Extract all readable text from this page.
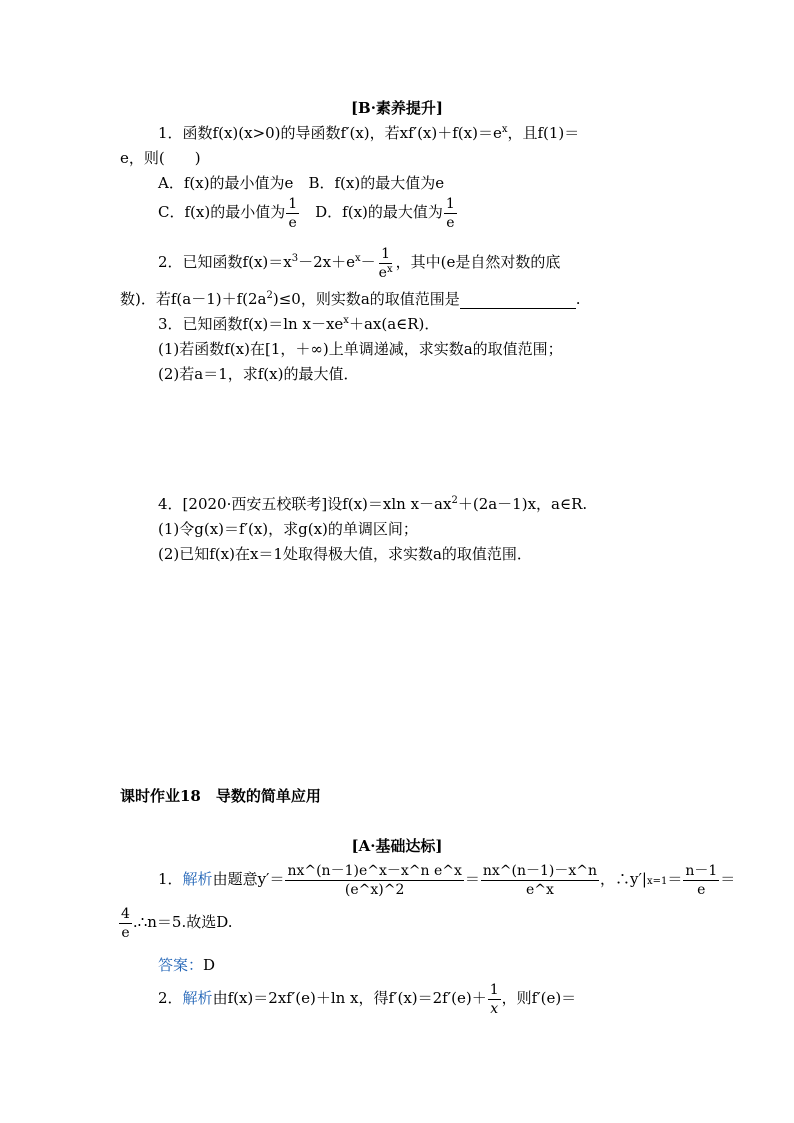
[B·素养提升]
1．函数f(x)(x>0)的导函数f′(x)，若$xf'(x)+f(x)=e^x$，且f(1)＝
e，则(　　)
A．f(x)的最小值为e　 B．f(x)的最大值为e
C．f(x)的最小值为 $\frac{1}{e}$
　 D．f(x)的最大值为 $\frac{1}{e}$
2．已知函数$f(x)=x^3-2x+e^x- \frac{1}{e^x}$ ，其中(e是自然对数的底
数)．若$f(a-1)+f(2a^2)\le 0$，则实数a的取值范围是	.
3．已知函数f(x)＝ln $x-xe^x+ax(a\in R)$．
(1)若函数f(x)在[1，＋∞)上单调递减，求实数a的取值范围；
(2)若a＝1，求f(x)的最大值．
4．[2020·西安五校联考]设f(x)＝xln $x-ax^2+(2a-1)x$，a∈R.
(1)令g(x)＝f′(x)，求g(x)的单调区间；
(2)已知f(x)在x＝1处取得极大值，求实数a的取值范围．
课时作业18　导数的简单应用
[A·基础达标]
1．解析由题意$y'= \frac{\text{nx\textasciicircum{}(n－1)e\textasciicircum{}x－x\textasciicircum{}n e\textasciicircum{}x}}{(e\^{}x)\^{}2} = \frac{nx\^{}(n-1)-x\^{}n}{e\^{}x}$ ，$\therefore y'|_{x=1}= \frac{n-1}{e}$ ＝
$\frac{4}{e}$ .∴n＝5.故选D.
答案：D
2．解析由f(x)＝2xf′(e)＋ln x，得$f'(x)=2f'(e)+ \frac{1}{x}$ ，则f′(e)＝
